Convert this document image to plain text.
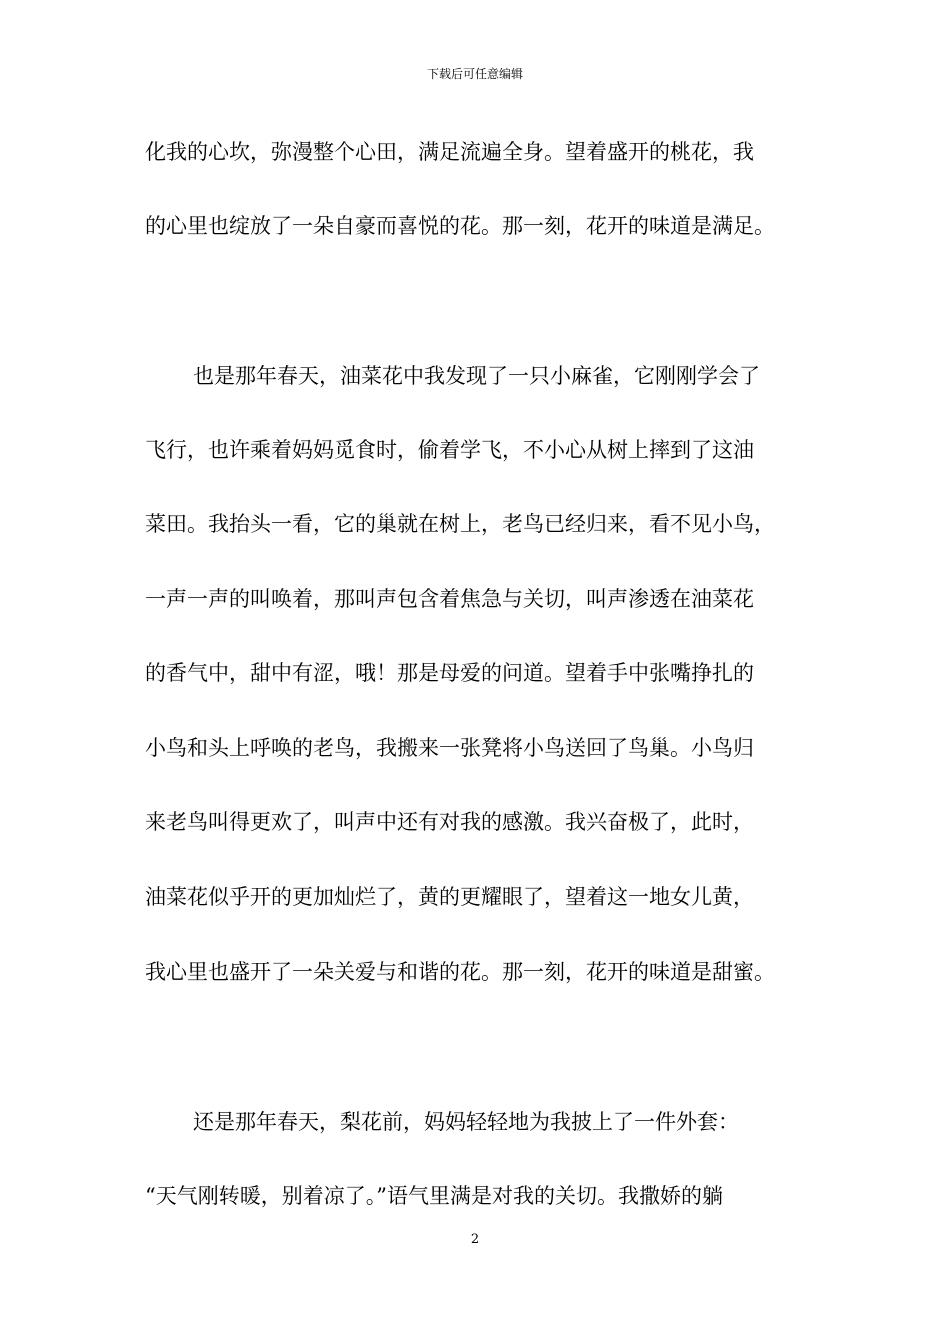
下载后可任意编辑
化我的心坎，弥漫整个心田，满足流遍全身。望着盛开的桃花，我
的心里也绽放了一朵自豪而喜悦的花。那一刻，花开的味道是满足。
也是那年春天，油菜花中我发现了一只小麻雀，它刚刚学会了
飞行，也许乘着妈妈觅食时，偷着学飞，不小心从树上摔到了这油
菜田。我抬头一看，它的巢就在树上，老鸟已经归来，看不见小鸟，
一声一声的叫唤着，那叫声包含着焦急与关切，叫声渗透在油菜花
的香气中，甜中有涩，哦！那是母爱的问道。望着手中张嘴挣扎的
小鸟和头上呼唤的老鸟，我搬来一张凳将小鸟送回了鸟巢。小鸟归
来老鸟叫得更欢了，叫声中还有对我的感激。我兴奋极了，此时，
油菜花似乎开的更加灿烂了，黄的更耀眼了，望着这一地女儿黄，
我心里也盛开了一朵关爱与和谐的花。那一刻，花开的味道是甜蜜。
还是那年春天，梨花前，妈妈轻轻地为我披上了一件外套：
“天气刚转暖，别着凉了。”语气里满是对我的关切。我撒娇的躺
2
